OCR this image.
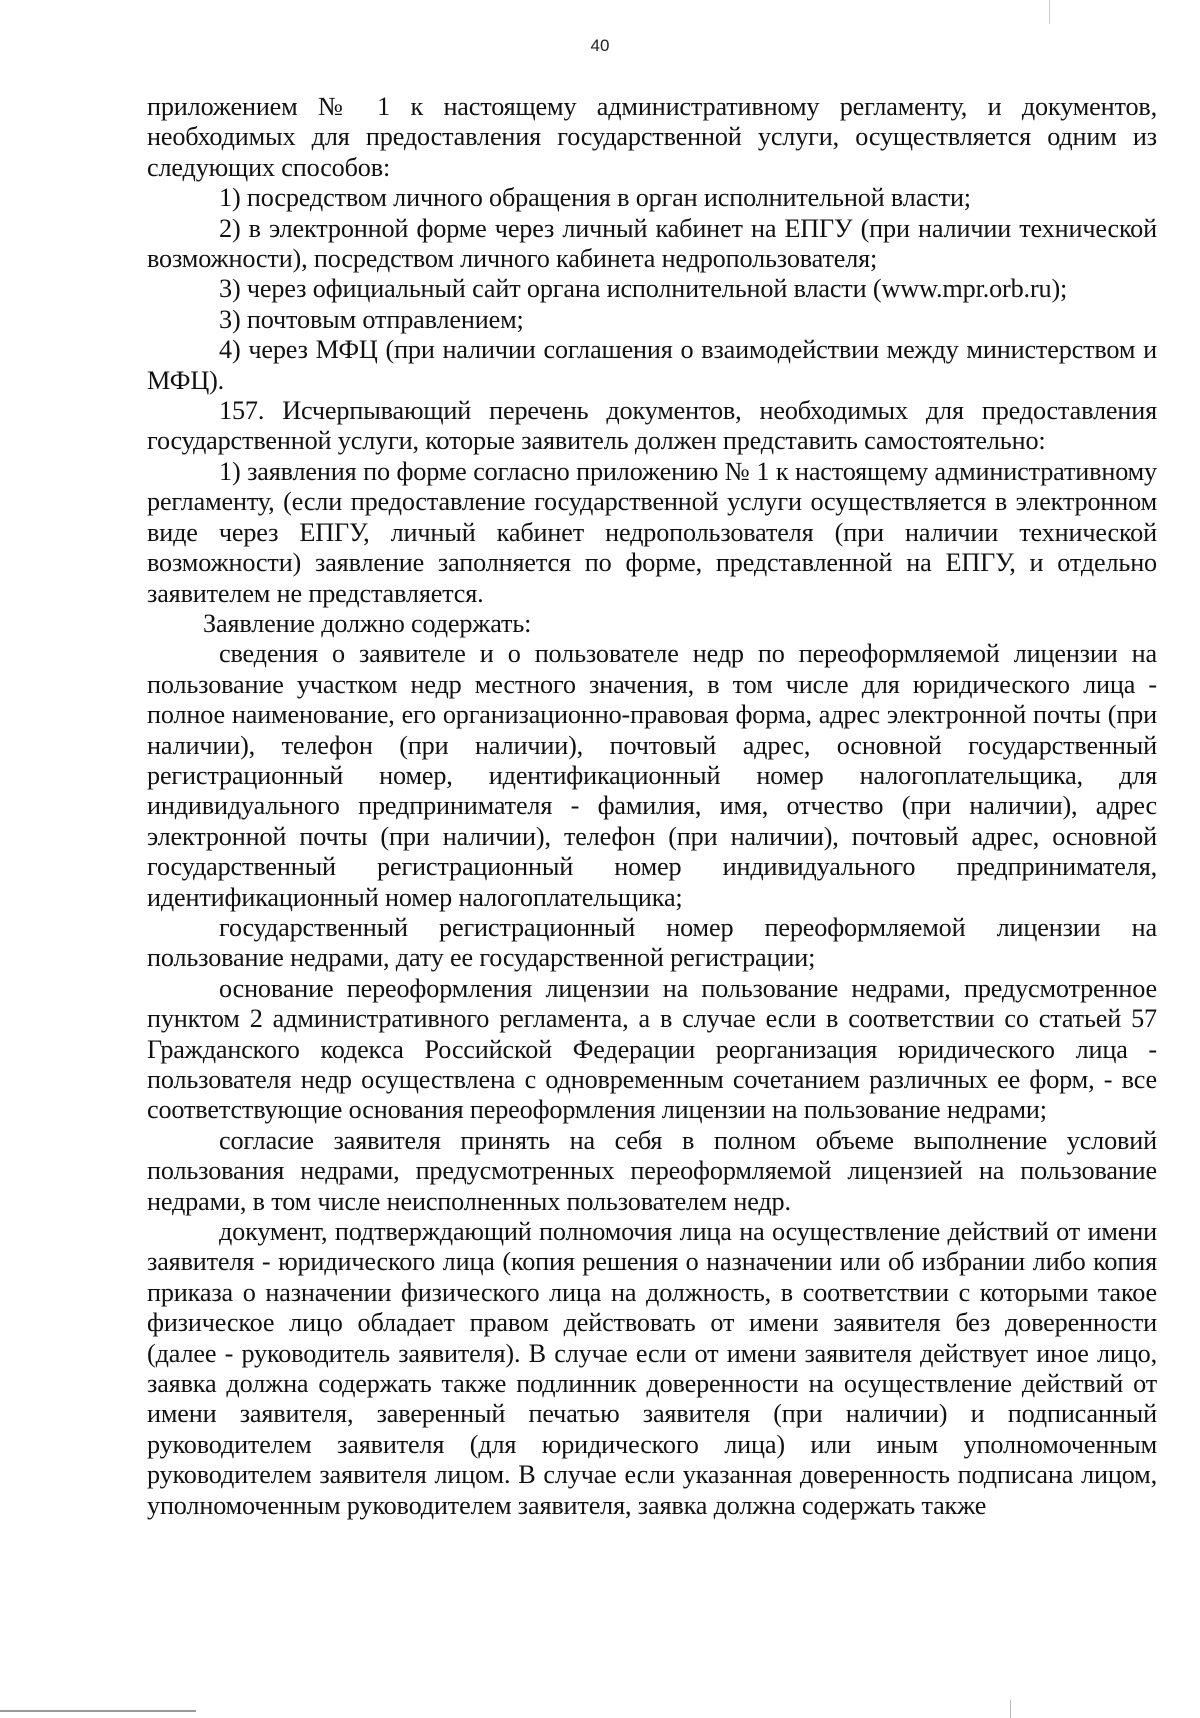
40

приложением № 1 к настоящему административному регламенту, и документов, необходимых для предоставления государственной услуги, осуществляется одним из следующих способов:

1) посредством личного обращения в орган исполнительной власти;

2) в электронной форме через личный кабинет на ЕПГУ (при наличии технической возможности), посредством личного кабинета недропользователя;

3) через официальный сайт органа исполнительной власти (www.mpr.orb.ru);

3) почтовым отправлением;

4) через МФЦ (при наличии соглашения о взаимодействии между министерством и МФЦ).

157. Исчерпывающий перечень документов, необходимых для предоставления государственной услуги, которые заявитель должен представить самостоятельно:

1) заявления по форме согласно приложению № 1 к настоящему административному регламенту, (если предоставление государственной услуги осуществляется в электронном виде через ЕПГУ, личный кабинет недропользователя (при наличии технической возможности) заявление заполняется по форме, представленной на ЕПГУ, и отдельно заявителем не представляется.

Заявление должно содержать:

сведения о заявителе и о пользователе недр по переоформляемой лицензии на пользование участком недр местного значения, в том числе для юридического лица - полное наименование, его организационно-правовая форма, адрес электронной почты (при наличии), телефон (при наличии), почтовый адрес, основной государственный регистрационный номер, идентификационный номер налогоплательщика, для индивидуального предпринимателя - фамилия, имя, отчество (при наличии), адрес электронной почты (при наличии), телефон (при наличии), почтовый адрес, основной государственный регистрационный номер индивидуального предпринимателя, идентификационный номер налогоплательщика;

государственный регистрационный номер переоформляемой лицензии на пользование недрами, дату ее государственной регистрации;

основание переоформления лицензии на пользование недрами, предусмотренное пунктом 2 административного регламента, а в случае если в соответствии со статьей 57 Гражданского кодекса Российской Федерации реорганизация юридического лица - пользователя недр осуществлена с одновременным сочетанием различных ее форм, - все соответствующие основания переоформления лицензии на пользование недрами;

согласие заявителя принять на себя в полном объеме выполнение условий пользования недрами, предусмотренных переоформляемой лицензией на пользование недрами, в том числе неисполненных пользователем недр.

документ, подтверждающий полномочия лица на осуществление действий от имени заявителя - юридического лица (копия решения о назначении или об избрании либо копия приказа о назначении физического лица на должность, в соответствии с которыми такое физическое лицо обладает правом действовать от имени заявителя без доверенности (далее - руководитель заявителя). В случае если от имени заявителя действует иное лицо, заявка должна содержать также подлинник доверенности на осуществление действий от имени заявителя, заверенный печатью заявителя (при наличии) и подписанный руководителем заявителя (для юридического лица) или иным уполномоченным руководителем заявителя лицом. В случае если указанная доверенность подписана лицом, уполномоченным руководителем заявителя, заявка должна содержать также
